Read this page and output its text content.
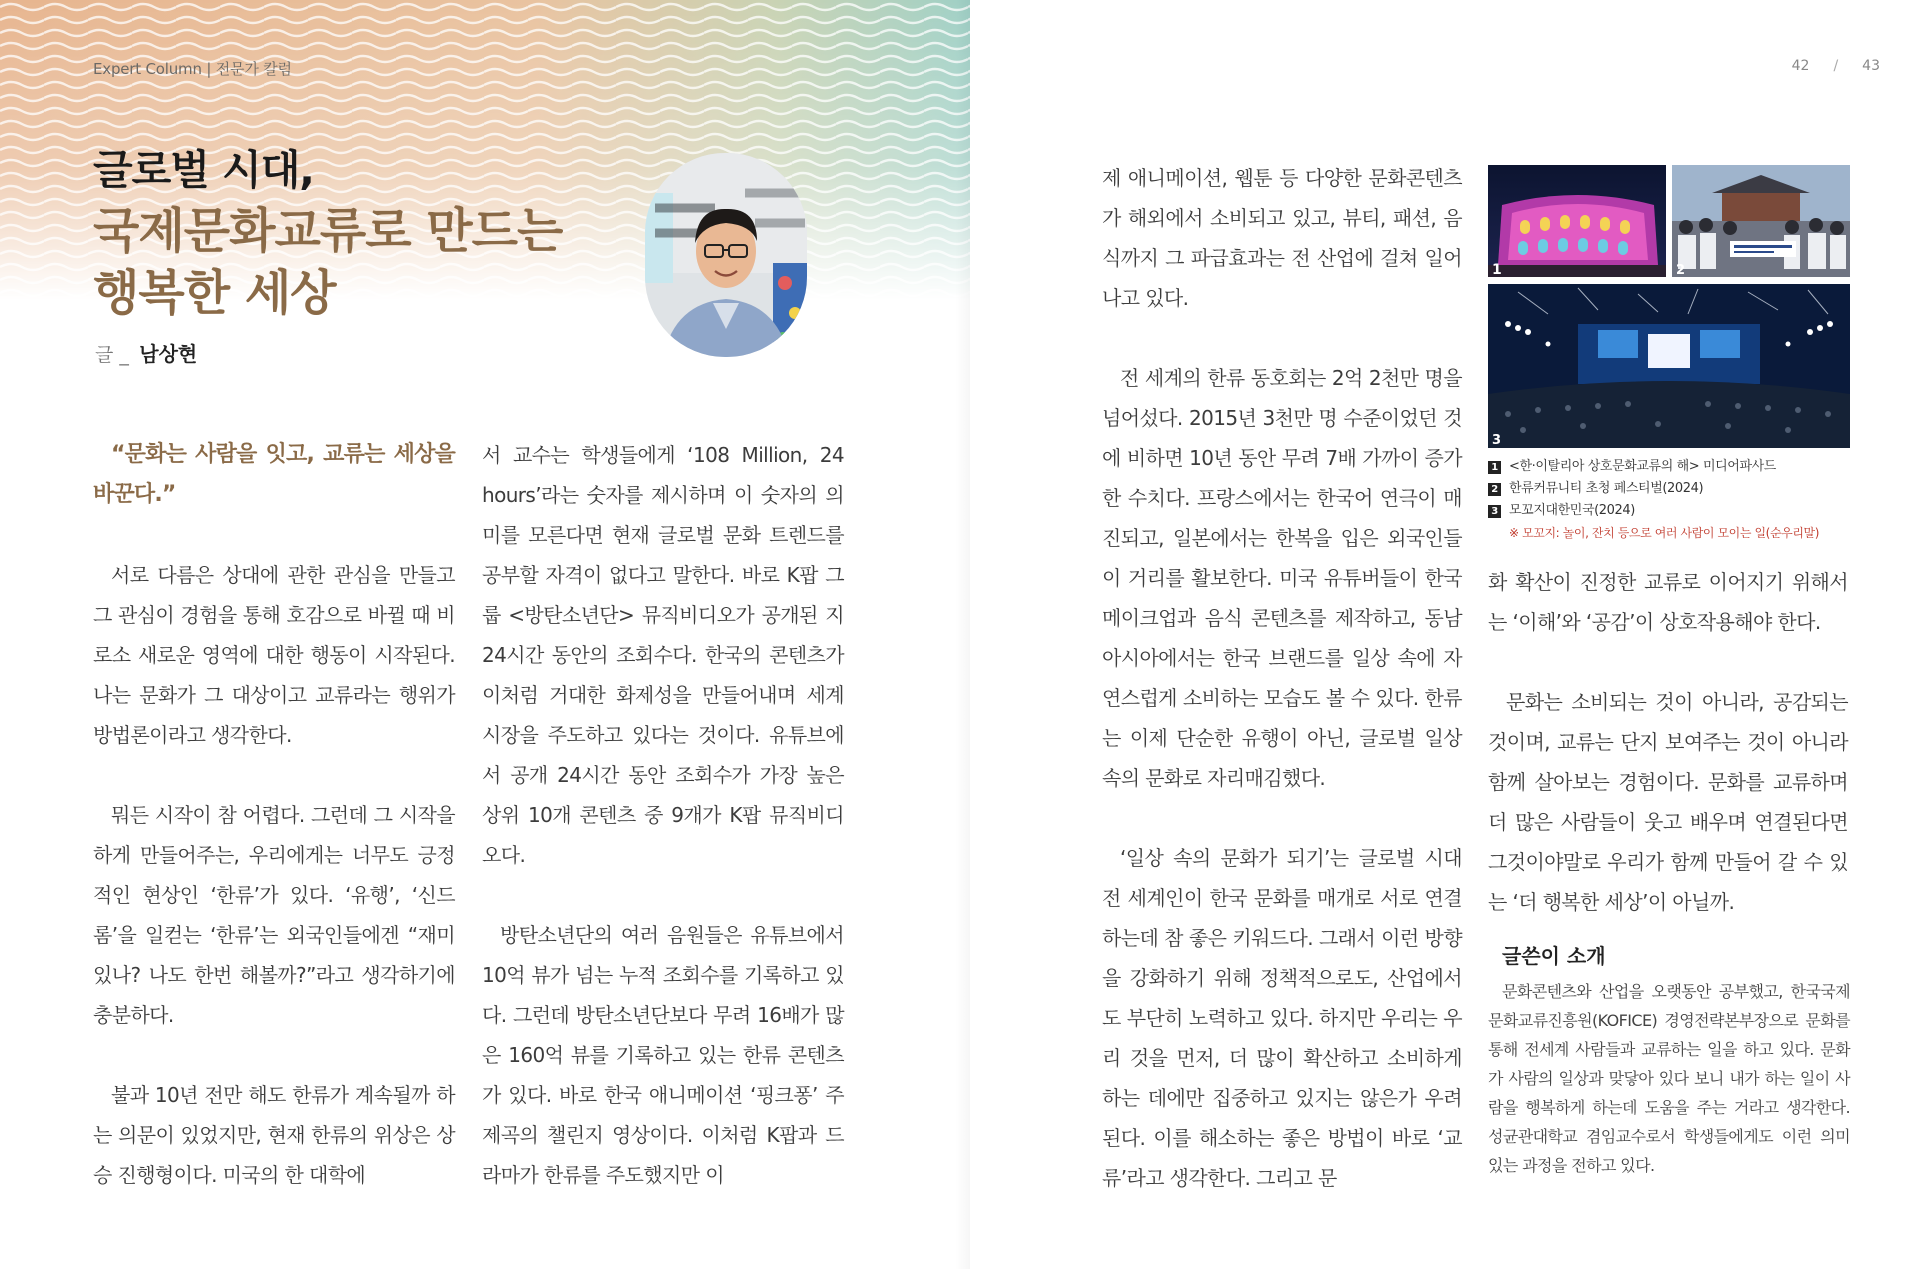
Expert Column | 전문가 칼럼
글로벌 시대,
국제문화교류로 만드는
행복한 세상
글 _ 남상현

“문화는 사람을 잇고, 교류는 세상을 바꾼다.”

서로 다름은 상대에 관한 관심을 만들고 그 관심이 경험을 통해 호감으로 바뀔 때 비로소 새로운 영역에 대한 행동이 시작된다. 나는 문화가 그 대상이고 교류라는 행위가 방법론이라고 생각한다.

뭐든 시작이 참 어렵다. 그런데 그 시작을 하게 만들어주는, 우리에게는 너무도 긍정적인 현상인 ‘한류’가 있다. ‘유행’, ‘신드롬’을 일컫는 ‘한류’는 외국인들에겐 “재미있나? 나도 한번 해볼까?”라고 생각하기에 충분하다.

불과 10년 전만 해도 한류가 계속될까 하는 의문이 있었지만, 현재 한류의 위상은 상승 진행형이다. 미국의 한 대학에

서 교수는 학생들에게 ‘108 Million, 24 hours’라는 숫자를 제시하며 이 숫자의 의미를 모른다면 현재 글로벌 문화 트렌드를 공부할 자격이 없다고 말한다. 바로 K팝 그룹 <방탄소년단> 뮤직비디오가 공개된 지 24시간 동안의 조회수다. 한국의 콘텐츠가 이처럼 거대한 화제성을 만들어내며 세계 시장을 주도하고 있다는 것이다. 유튜브에서 공개 24시간 동안 조회수가 가장 높은 상위 10개 콘텐츠 중 9개가 K팝 뮤직비디오다.

방탄소년단의 여러 음원들은 유튜브에서 10억 뷰가 넘는 누적 조회수를 기록하고 있다. 그런데 방탄소년단보다 무려 16배가 많은 160억 뷰를 기록하고 있는 한류 콘텐츠가 있다. 바로 한국 애니메이션 ‘핑크퐁’ 주제곡의 챌린지 영상이다. 이처럼 K팝과 드라마가 한류를 주도했지만 이

42 / 43

제 애니메이션, 웹툰 등 다양한 문화콘텐츠가 해외에서 소비되고 있고, 뷰티, 패션, 음식까지 그 파급효과는 전 산업에 걸쳐 일어나고 있다.

전 세계의 한류 동호회는 2억 2천만 명을 넘어섰다. 2015년 3천만 명 수준이었던 것에 비하면 10년 동안 무려 7배 가까이 증가한 수치다. 프랑스에서는 한국어 연극이 매진되고, 일본에서는 한복을 입은 외국인들이 거리를 활보한다. 미국 유튜버들이 한국 메이크업과 음식 콘텐츠를 제작하고, 동남아시아에서는 한국 브랜드를 일상 속에 자연스럽게 소비하는 모습도 볼 수 있다. 한류는 이제 단순한 유행이 아닌, 글로벌 일상 속의 문화로 자리매김했다.

‘일상 속의 문화가 되기’는 글로벌 시대 전 세계인이 한국 문화를 매개로 서로 연결하는데 참 좋은 키워드다. 그래서 이런 방향을 강화하기 위해 정책적으로도, 산업에서도 부단히 노력하고 있다. 하지만 우리는 우리 것을 먼저, 더 많이 확산하고 소비하게 하는 데에만 집중하고 있지는 않은가 우려된다. 이를 해소하는 좋은 방법이 바로 ‘교류’라고 생각한다. 그리고 문

1	2
3
1 <한·이탈리아 상호문화교류의 해> 미디어파사드
2 한류커뮤니티 초청 페스티벌(2024)
3 모꼬지대한민국(2024)
※ 모꼬지: 놀이, 잔치 등으로 여러 사람이 모이는 일(순우리말)

화 확산이 진정한 교류로 이어지기 위해서는 ‘이해’와 ‘공감’이 상호작용해야 한다.

문화는 소비되는 것이 아니라, 공감되는 것이며, 교류는 단지 보여주는 것이 아니라 함께 살아보는 경험이다. 문화를 교류하며 더 많은 사람들이 웃고 배우며 연결된다면 그것이야말로 우리가 함께 만들어 갈 수 있는 ‘더 행복한 세상’이 아닐까.

글쓴이 소개

문화콘텐츠와 산업을 오랫동안 공부했고, 한국국제문화교류진흥원(KOFICE) 경영전략본부장으로 문화를 통해 전세계 사람들과 교류하는 일을 하고 있다. 문화가 사람의 일상과 맞닿아 있다 보니 내가 하는 일이 사람을 행복하게 하는데 도움을 주는 거라고 생각한다. 성균관대학교 겸임교수로서 학생들에게도 이런 의미 있는 과정을 전하고 있다.
